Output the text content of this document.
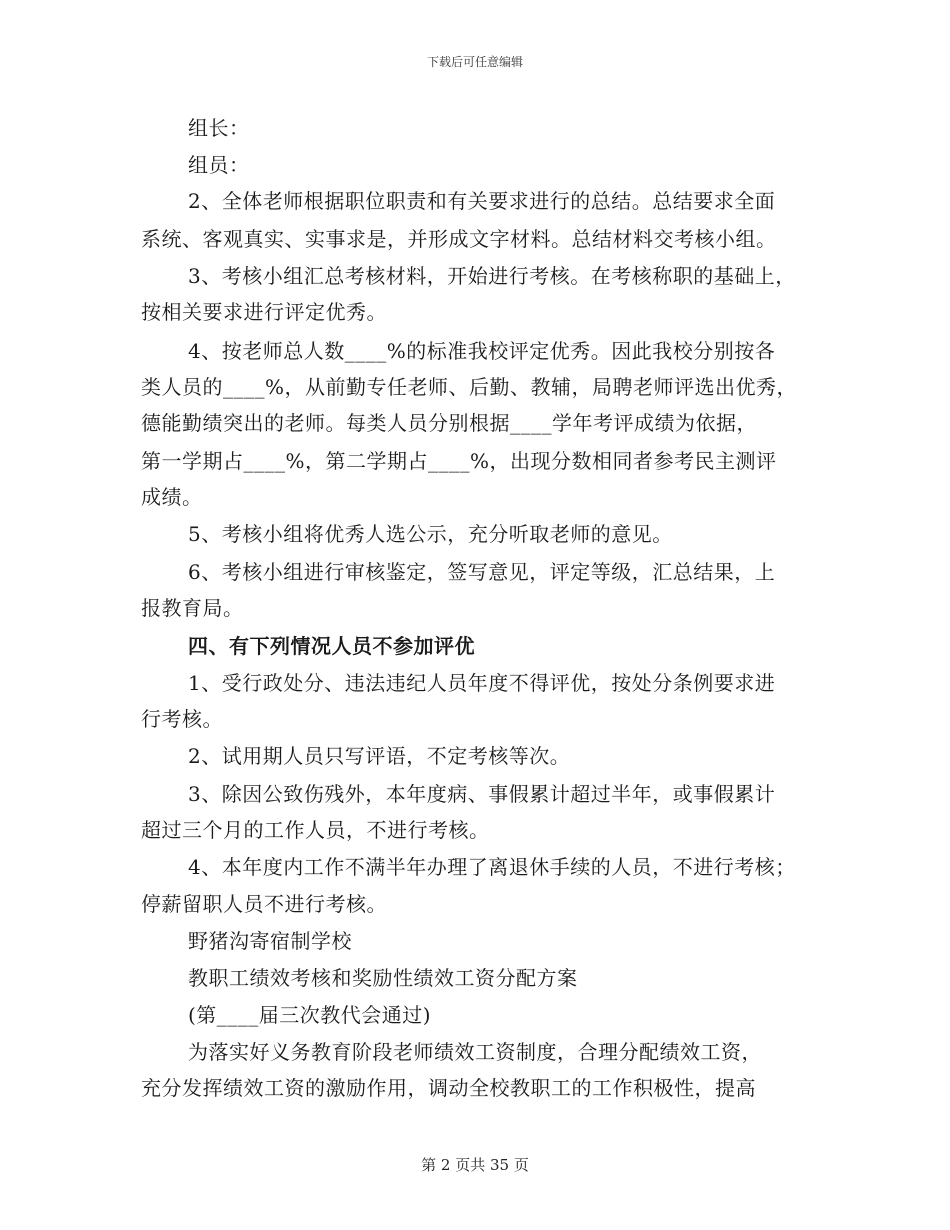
下载后可任意编辑
组长：
组员：
2、全体老师根据职位职责和有关要求进行的总结。总结要求全面
系统、客观真实、实事求是，并形成文字材料。总结材料交考核小组。
3、考核小组汇总考核材料，开始进行考核。在考核称职的基础上，
按相关要求进行评定优秀。
4、按老师总人数____%的标准我校评定优秀。因此我校分别按各
类人员的____%，从前勤专任老师、后勤、教辅，局聘老师评选出优秀，
德能勤绩突出的老师。每类人员分别根据____学年考评成绩为依据，
第一学期占____%，第二学期占____%，出现分数相同者参考民主测评
成绩。
5、考核小组将优秀人选公示，充分听取老师的意见。
6、考核小组进行审核鉴定，签写意见，评定等级，汇总结果，上
报教育局。
四、有下列情况人员不参加评优
1、受行政处分、违法违纪人员年度不得评优，按处分条例要求进
行考核。
2、试用期人员只写评语，不定考核等次。
3、除因公致伤残外，本年度病、事假累计超过半年，或事假累计
超过三个月的工作人员，不进行考核。
4、本年度内工作不满半年办理了离退休手续的人员，不进行考核；
停薪留职人员不进行考核。
野猪沟寄宿制学校
教职工绩效考核和奖励性绩效工资分配方案
(第____届三次教代会通过)
为落实好义务教育阶段老师绩效工资制度，合理分配绩效工资，
充分发挥绩效工资的激励作用，调动全校教职工的工作积极性，提高
第 2 页共 35 页
